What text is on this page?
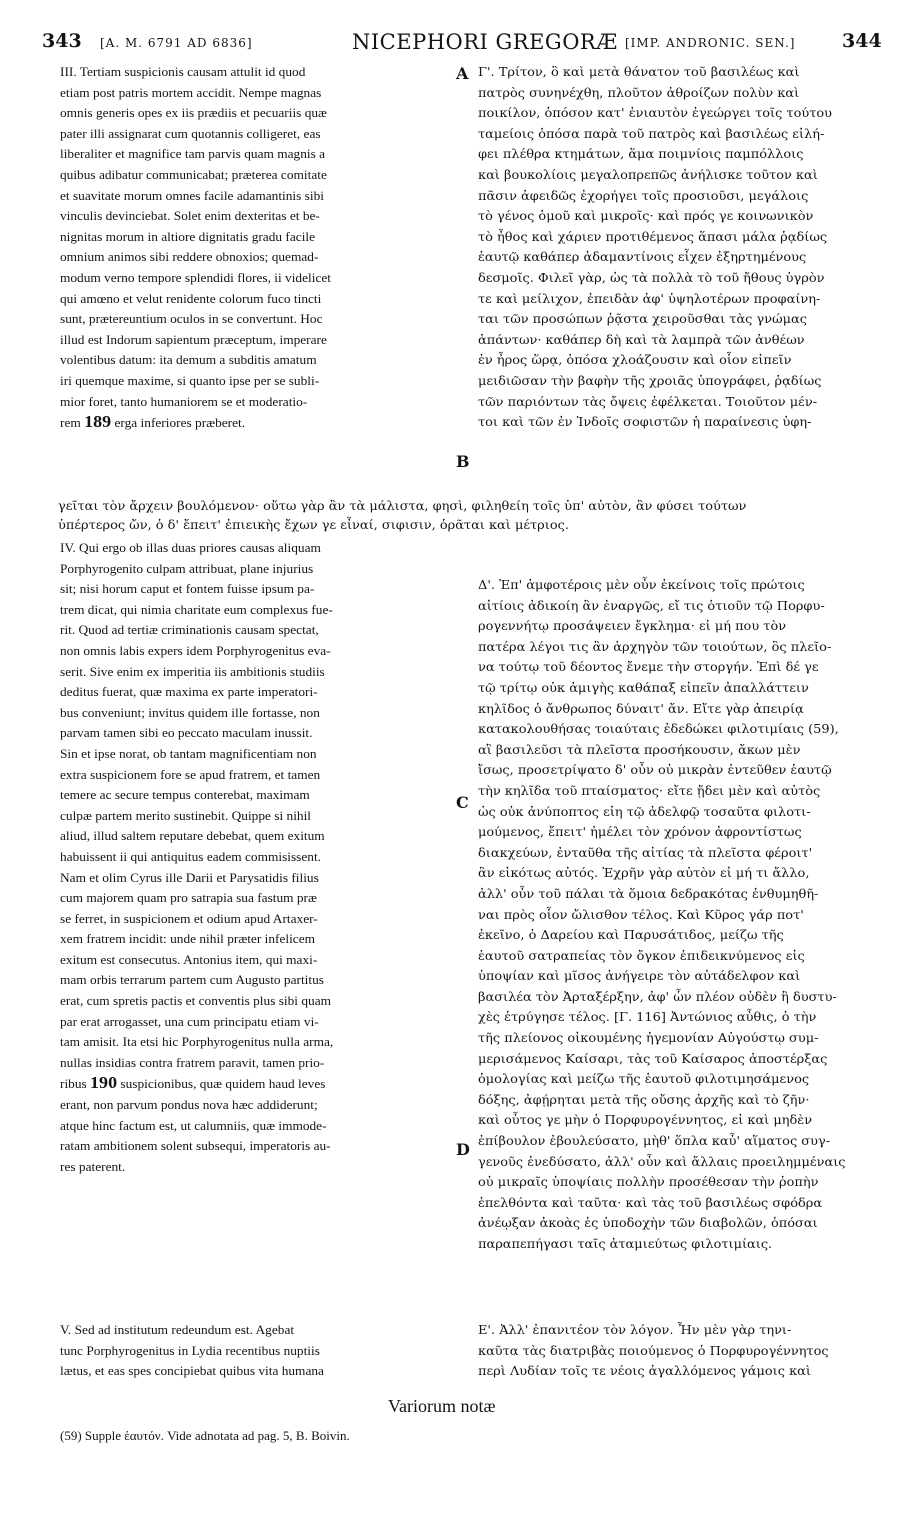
343 [A. M. 6791 AD 6836]	NICEPHORI GREGORÆ [IMP. ANDRONIC. SEN.] 344
III. Tertiam suspicionis causam attulit id quod
etiam post patris mortem accidit. Nempe magnas
omnis generis opes ex iis prædiis et pecuariis quæ
pater illi assignarat cum quotannis colligeret, eas
liberaliter et magnifice tam parvis quam magnis a
quibus adibatur communicabat; præterea comitate
et suavitate morum omnes facile adamantinis sibi
vinculis devinciebat. Solet enim dexteritas et be-
nignitas morum in altiore dignitatis gradu facile
omnium animos sibi reddere obnoxios; quemad-
modum verno tempore splendidi flores, ii videlicet
qui amœno et velut renidente colorum fuco tincti
sunt, prætereuntium oculos in se convertunt. Hoc
illud est Indorum sapientum præceptum, imperare
volentibus datum: ita demum a subditis amatum
iri quemque maxime, si quanto ipse per se subli-
mior foret, tanto humaniorem se et moderatio-
rem 189 erga inferiores præberet.
Γ'. Τρίτον, ὃ καὶ μετὰ θάνατον τοῦ βασιλέως καὶ
πατρὸς συνηνέχθη, πλοῦτον ἀθροίζων πολὺν καὶ
ποικίλον, ὁπόσον κατ' ἐνιαυτὸν ἐγεώργει τοῖς τούτου
ταμείοις ὁπόσα παρὰ τοῦ πατρὸς καὶ βασιλέως εἰλή-
φει πλέθρα κτημάτων, ἅμα ποιμνίοις παμπόλλοις
καὶ βουκολίοις μεγαλοπρεπῶς ἀνήλισκε τοῦτον καὶ
πᾶσιν ἀφειδῶς ἐχορήγει τοῖς προσιοῦσι, μεγάλοις
τὸ γένος ὁμοῦ καὶ μικροῖς· καὶ πρός γε κοινωνικὸν
τὸ ἦθος καὶ χάριεν προτιθέμενος ἅπασι μάλα ῥᾳδίως
ἑαυτῷ καθάπερ ἀδαμαντίνοις εἶχεν ἐξηρτημένους
δεσμοῖς. Φιλεῖ γὰρ, ὡς τὰ πολλὰ τὸ τοῦ ἤθους ὑγρὸν
τε καὶ μείλιχον, ἐπειδὰν ἀφ' ὑψηλοτέρων προφαίνη-
ται τῶν προσώπων ῥᾷστα χειροῦσθαι τὰς γνώμας
ἁπάντων· καθάπερ δὴ καὶ τὰ λαμπρὰ τῶν ἀνθέων
ἐν ἦρος ὥρᾳ, ὁπόσα χλοάζουσιν καὶ οἷον εἰπεῖν
μειδιῶσαν τὴν βαφὴν τῆς χροιᾶς ὑπογράφει, ῥᾳδίως
τῶν παριόντων τὰς ὄψεις ἐφέλκεται. Τοιοῦτον μέν-
τοι καὶ τῶν ἐν Ἰνδοῖς σοφιστῶν ἡ παραίνεσις ὑφη-
γεῖται τὸν ἄρχειν βουλόμενον· οὕτω γὰρ ἂν τὰ μάλιστα, φησὶ, φιληθείη τοῖς ὑπ' αὐτὸν, ἂν φύσει τούτων
ὑπέρτερος ὤν, ὁ δ' ἔπειτ' ἐπιεικὴς ἔχων γε εἶναί, σιφισιν, ὁρᾶται καὶ μέτριος.
IV. Qui ergo ob illas duas priores causas aliquam
Porphyrogenito culpam attribuat, plane injurius
sit; nisi horum caput et fontem fuisse ipsum pa-
trem dicat, qui nimia charitate eum complexus fue-
rit. Quod ad tertiæ criminationis causam spectat,
non omnis labis expers idem Porphyrogenitus eva-
serit. Sive enim ex imperitia iis ambitionis studiis
deditus fuerat, quæ maxima ex parte imperatori-
bus conveniunt; invitus quidem ille fortasse, non
parvam tamen sibi eo peccato maculam inussit.
Sin et ipse norat, ob tantam magnificentiam non
extra suspicionem fore se apud fratrem, et tamen
temere ac secure tempus conterebat, maximam
culpæ partem merito sustinebit. Quippe si nihil
aliud, illud saltem reputare debebat, quem exitum
habuissent ii qui antiquitus eadem commisissent.
Nam et olim Cyrus ille Darii et Parysatidis filius
cum majorem quam pro satrapia sua fastum præ
se ferret, in suspicionem et odium apud Artaxer-
xem fratrem incidit: unde nihil præter infelicem
exitum est consecutus. Antonius item, qui maxi-
mam orbis terrarum partem cum Augusto partitus
erat, cum spretis pactis et conventis plus sibi quam
par erat arrogasset, una cum principatu etiam vi-
tam amisit. Ita etsi hic Porphyrogenitus nulla arma,
nullas insidias contra fratrem paravit, tamen prio-
ribus 190 suspicionibus, quæ quidem haud leves
erant, non parvum pondus nova hæc addiderunt;
atque hinc factum est, ut calumniis, quæ immode-
ratam ambitionem solent subsequi, imperatoris au-
res paterent.
Δ'. Ἐπ' ἀμφοτέροις μὲν οὖν ἐκείνοις τοῖς πρώτοις
αἰτίοις ἀδικοίη ἂν ἐναργῶς, εἴ τις ὁτιοῦν τῷ Πορφυ-
ρογεννήτῳ προσάψειεν ἔγκλημα· εἰ μή που τὸν
πατέρα λέγοι τις ἂν ἀρχηγὸν τῶν τοιούτων, ὃς πλεῖο-
να τούτῳ τοῦ δέοντος ἔνεμε τὴν στοργήν. Ἐπὶ δέ γε
τῷ τρίτῳ οὐκ ἀμιγὴς καθάπαξ εἰπεῖν ἀπαλλάττειν
κηλῖδος ὁ ἄνθρωπος δύναιτ' ἄν. Εἴτε γὰρ ἀπειρίᾳ
κατακολουθήσας τοιαύταις ἐδεδώκει φιλοτιμίαις (59),
αἳ βασιλεῦσι τὰ πλεῖστα προσήκουσιν, ἄκων μὲν
ἴσως, προσετρίψατο δ' οὖν οὐ μικρὰν ἐντεῦθεν ἑαυτῷ
τὴν κηλῖδα τοῦ πταίσματος· εἴτε ᾔδει μὲν καὶ αὐτὸς
ὡς οὐκ ἀνύποπτος εἰη τῷ ἀδελφῷ τοσαῦτα φιλοτι-
μούμενος, ἔπειτ' ἠμέλει τὸν χρόνον ἀφροντίστως
διακχεύων, ἐνταῦθα τῆς αἰτίας τὰ πλεῖστα φέροιτ'
ἂν εἰκότως αὐτός. Ἐχρῆν γὰρ αὐτὸν εἰ μή τι ἄλλο,
ἀλλ' οὖν τοῦ πάλαι τὰ ὅμοια δεδρακότας ἐνθυμηθῆ-
ναι πρὸς οἷον ὤλισθον τέλος. Καὶ Κῦρος γάρ ποτ'
ἐκεῖνο, ὁ Δαρείου καὶ Παρυσάτιδος, μείζω τῆς
ἑαυτοῦ σατραπείας τὸν ὄγκον ἐπιδεικνύμενος εἰς
ὑποψίαν καὶ μῖσος ἀνήγειρε τὸν αὐτάδελφον καὶ
βασιλέα τὸν Ἀρταξέρξην, ἀφ' ὧν πλέον οὐδὲν ἢ δυστυ-
χὲς ἐτρύγησε τέλος. [Γ. 116] Ἀντώνιος αὖθις, ὁ τὴν
τῆς πλείονος οἰκουμένης ἡγεμονίαν Αὐγούστῳ συμ-
μερισάμενος Καίσαρι, τὰς τοῦ Καίσαρος ἀποστέρξας
ὁμολογίας καὶ μείζω τῆς ἑαυτοῦ φιλοτιμησάμενος
δόξης, ἀφῄρηται μετὰ τῆς οὔσης ἀρχῆς καὶ τὸ ζῆν·
καὶ οὗτος γε μὴν ὁ Πορφυρογέννητος, εἰ καὶ μηδὲν
ἐπίβουλον ἐβουλεύσατο, μὴθ' ὅπλα καὖ' αἵματος συγ-
γενοῦς ἐνεδύσατο, ἀλλ' οὖν καὶ ἄλλαις προειλημμέναις
οὐ μικραῖς ὑποψίαις πολλὴν προσέθεσαν τὴν ῥοπὴν
ἐπελθόντα καὶ ταῦτα· καὶ τὰς τοῦ βασιλέως σφόδρα
ἀνέῳξαν ἀκοὰς ἐς ὑποδοχὴν τῶν διαβολῶν, ὁπόσαι
παραπεπήγασι ταῖς ἀταμιεύτως φιλοτιμίαις.
V. Sed ad institutum redeundum est. Agebat
tunc Porphyrogenitus in Lydia recentibus nuptiis
lætus, et eas spes concipiebat quibus vita humana
Ε'. Ἀλλ' ἐπανιτέον τὸν λόγον. Ἦν μὲν γὰρ τηνι-
καῦτα τὰς διατριβὰς ποιούμενος ὁ Πορφυρογέννητος
περὶ Λυδίαν τοῖς τε νέοις ἀγαλλόμενος γάμοις καὶ
A
B
C
D
Variorum notæ
(59) Supple ἑαυτόν. Vide adnotata ad pag. 5, B. Boivin.
